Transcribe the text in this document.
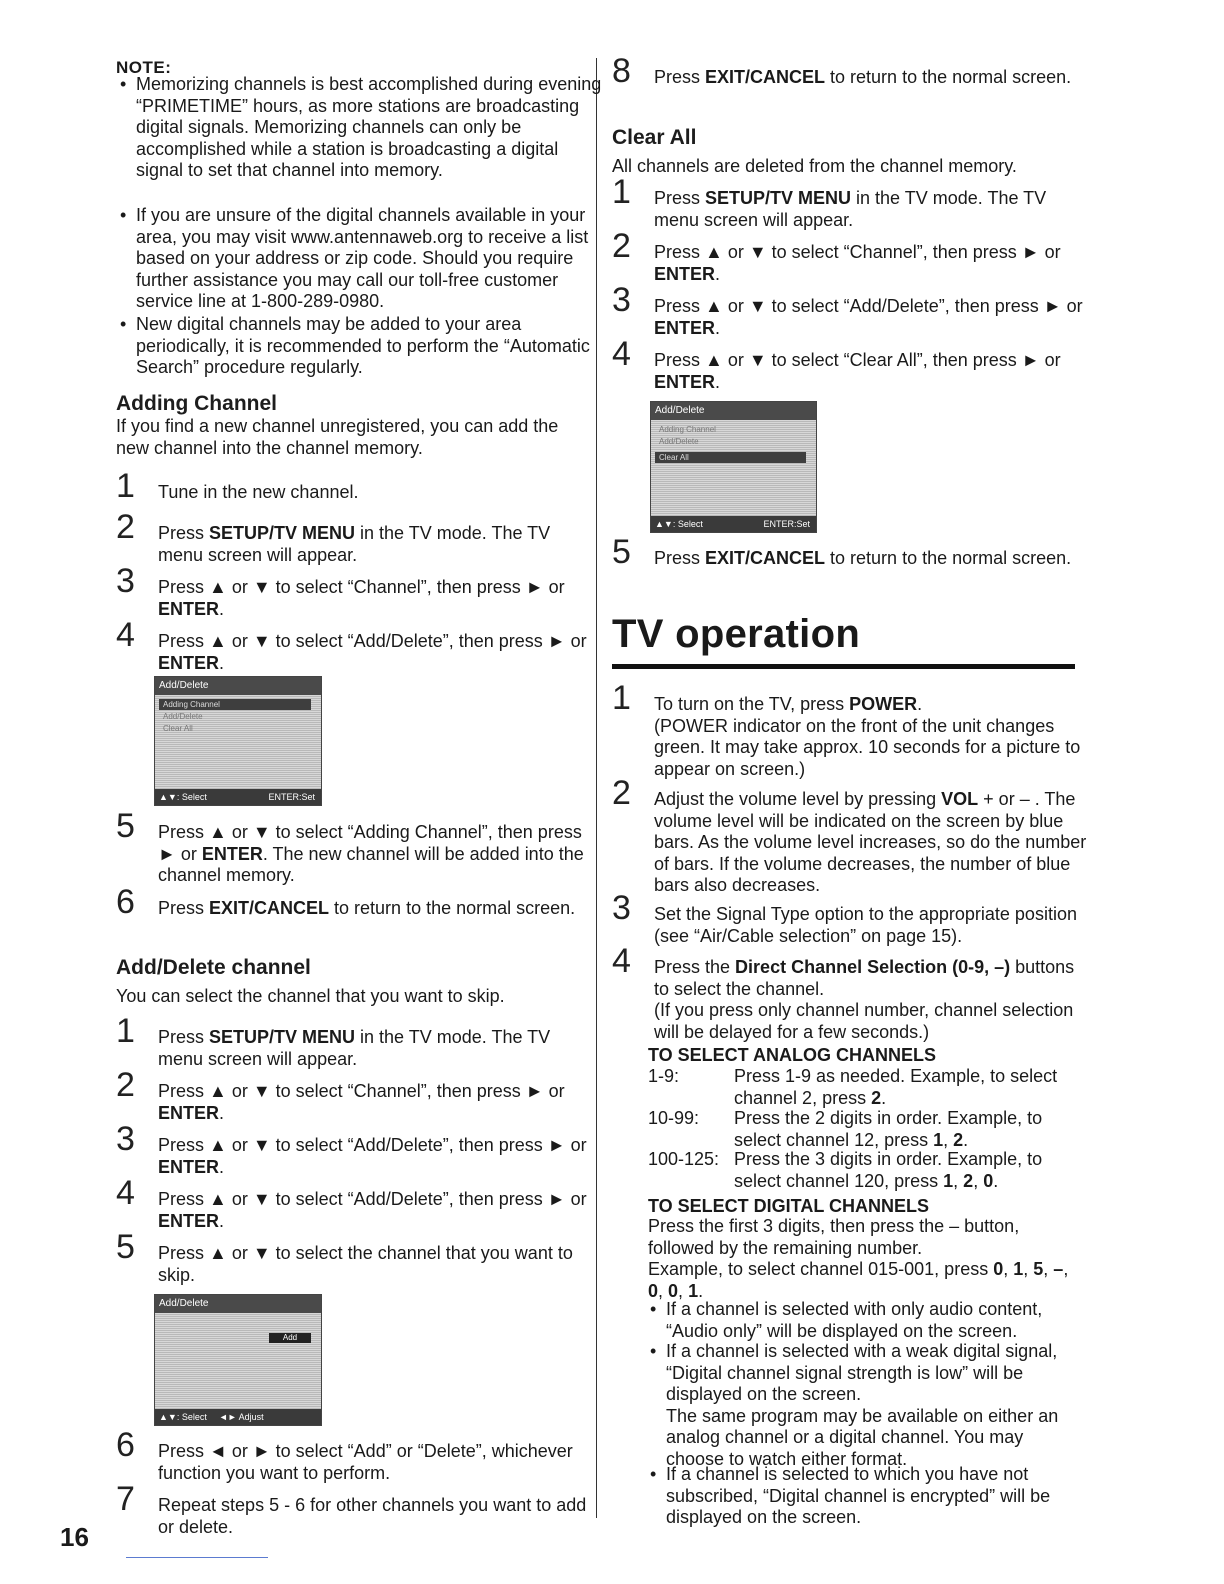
NOTE:
• Memorizing channels is best accomplished during evening “PRIMETIME” hours, as more stations are broadcasting digital signals. Memorizing channels can only be accomplished while a station is broadcasting a digital signal to set that channel into memory.
• If you are unsure of the digital channels available in your area, you may visit www.antennaweb.org to receive a list based on your address or zip code. Should you require further assistance you may call our toll-free customer service line at 1-800-289-0980.
• New digital channels may be added to your area periodically, it is recommended to perform the “Automatic Search” procedure regularly.
Adding Channel
If you find a new channel unregistered, you can add the new channel into the channel memory.
1 Tune in the new channel.
2 Press SETUP/TV MENU in the TV mode. The TV menu screen will appear.
3 Press ▲ or ▼ to select “Channel”, then press ► or ENTER.
4 Press ▲ or ▼ to select “Add/Delete”, then press ► or ENTER.
Add/Delete
Adding Channel
Add/Delete
Clear All
▲▼: Select	ENTER:Set
5 Press ▲ or ▼ to select “Adding Channel”, then press ► or ENTER. The new channel will be added into the channel memory.
6 Press EXIT/CANCEL to return to the normal screen.
Add/Delete channel
You can select the channel that you want to skip.
1 Press SETUP/TV MENU in the TV mode. The TV menu screen will appear.
2 Press ▲ or ▼ to select “Channel”, then press ► or ENTER.
3 Press ▲ or ▼ to select “Add/Delete”, then press ► or ENTER.
4 Press ▲ or ▼ to select “Add/Delete”, then press ► or ENTER.
5 Press ▲ or ▼ to select the channel that you want to skip.
Add/Delete
Add
▲▼: Select ◄► Adjust
6 Press ◄ or ► to select “Add” or “Delete”, whichever function you want to perform.
7 Repeat steps 5 - 6 for other channels you want to add or delete.
16
8 Press EXIT/CANCEL to return to the normal screen.
Clear All
All channels are deleted from the channel memory.
1 Press SETUP/TV MENU in the TV mode. The TV menu screen will appear.
2 Press ▲ or ▼ to select “Channel”, then press ► or ENTER.
3 Press ▲ or ▼ to select “Add/Delete”, then press ► or ENTER.
4 Press ▲ or ▼ to select “Clear All”, then press ► or ENTER.
Add/Delete
Adding Channel
Add/Delete
Clear All
▲▼: Select	ENTER:Set
5 Press EXIT/CANCEL to return to the normal screen.
TV operation
1 To turn on the TV, press POWER.
(POWER indicator on the front of the unit changes green. It may take approx. 10 seconds for a picture to appear on screen.)
2 Adjust the volume level by pressing VOL + or – . The volume level will be indicated on the screen by blue bars. As the volume level increases, so do the number of bars. If the volume decreases, the number of blue bars also decreases.
3 Set the Signal Type option to the appropriate position (see “Air/Cable selection” on page 15).
4 Press the Direct Channel Selection (0-9, –) buttons to select the channel.
(If you press only channel number, channel selection will be delayed for a few seconds.)
TO SELECT ANALOG CHANNELS
1-9:	Press 1-9 as needed. Example, to select channel 2, press 2.
10-99: Press the 2 digits in order. Example, to select channel 12, press 1, 2.
100-125: Press the 3 digits in order. Example, to select channel 120, press 1, 2, 0.
TO SELECT DIGITAL CHANNELS
Press the first 3 digits, then press the – button, followed by the remaining number.
Example, to select channel 015-001, press 0, 1, 5, –, 0, 0, 1.
• If a channel is selected with only audio content, “Audio only” will be displayed on the screen.
• If a channel is selected with a weak digital signal, “Digital channel signal strength is low” will be displayed on the screen.
The same program may be available on either an analog channel or a digital channel. You may choose to watch either format.
• If a channel is selected to which you have not subscribed, “Digital channel is encrypted” will be displayed on the screen.
